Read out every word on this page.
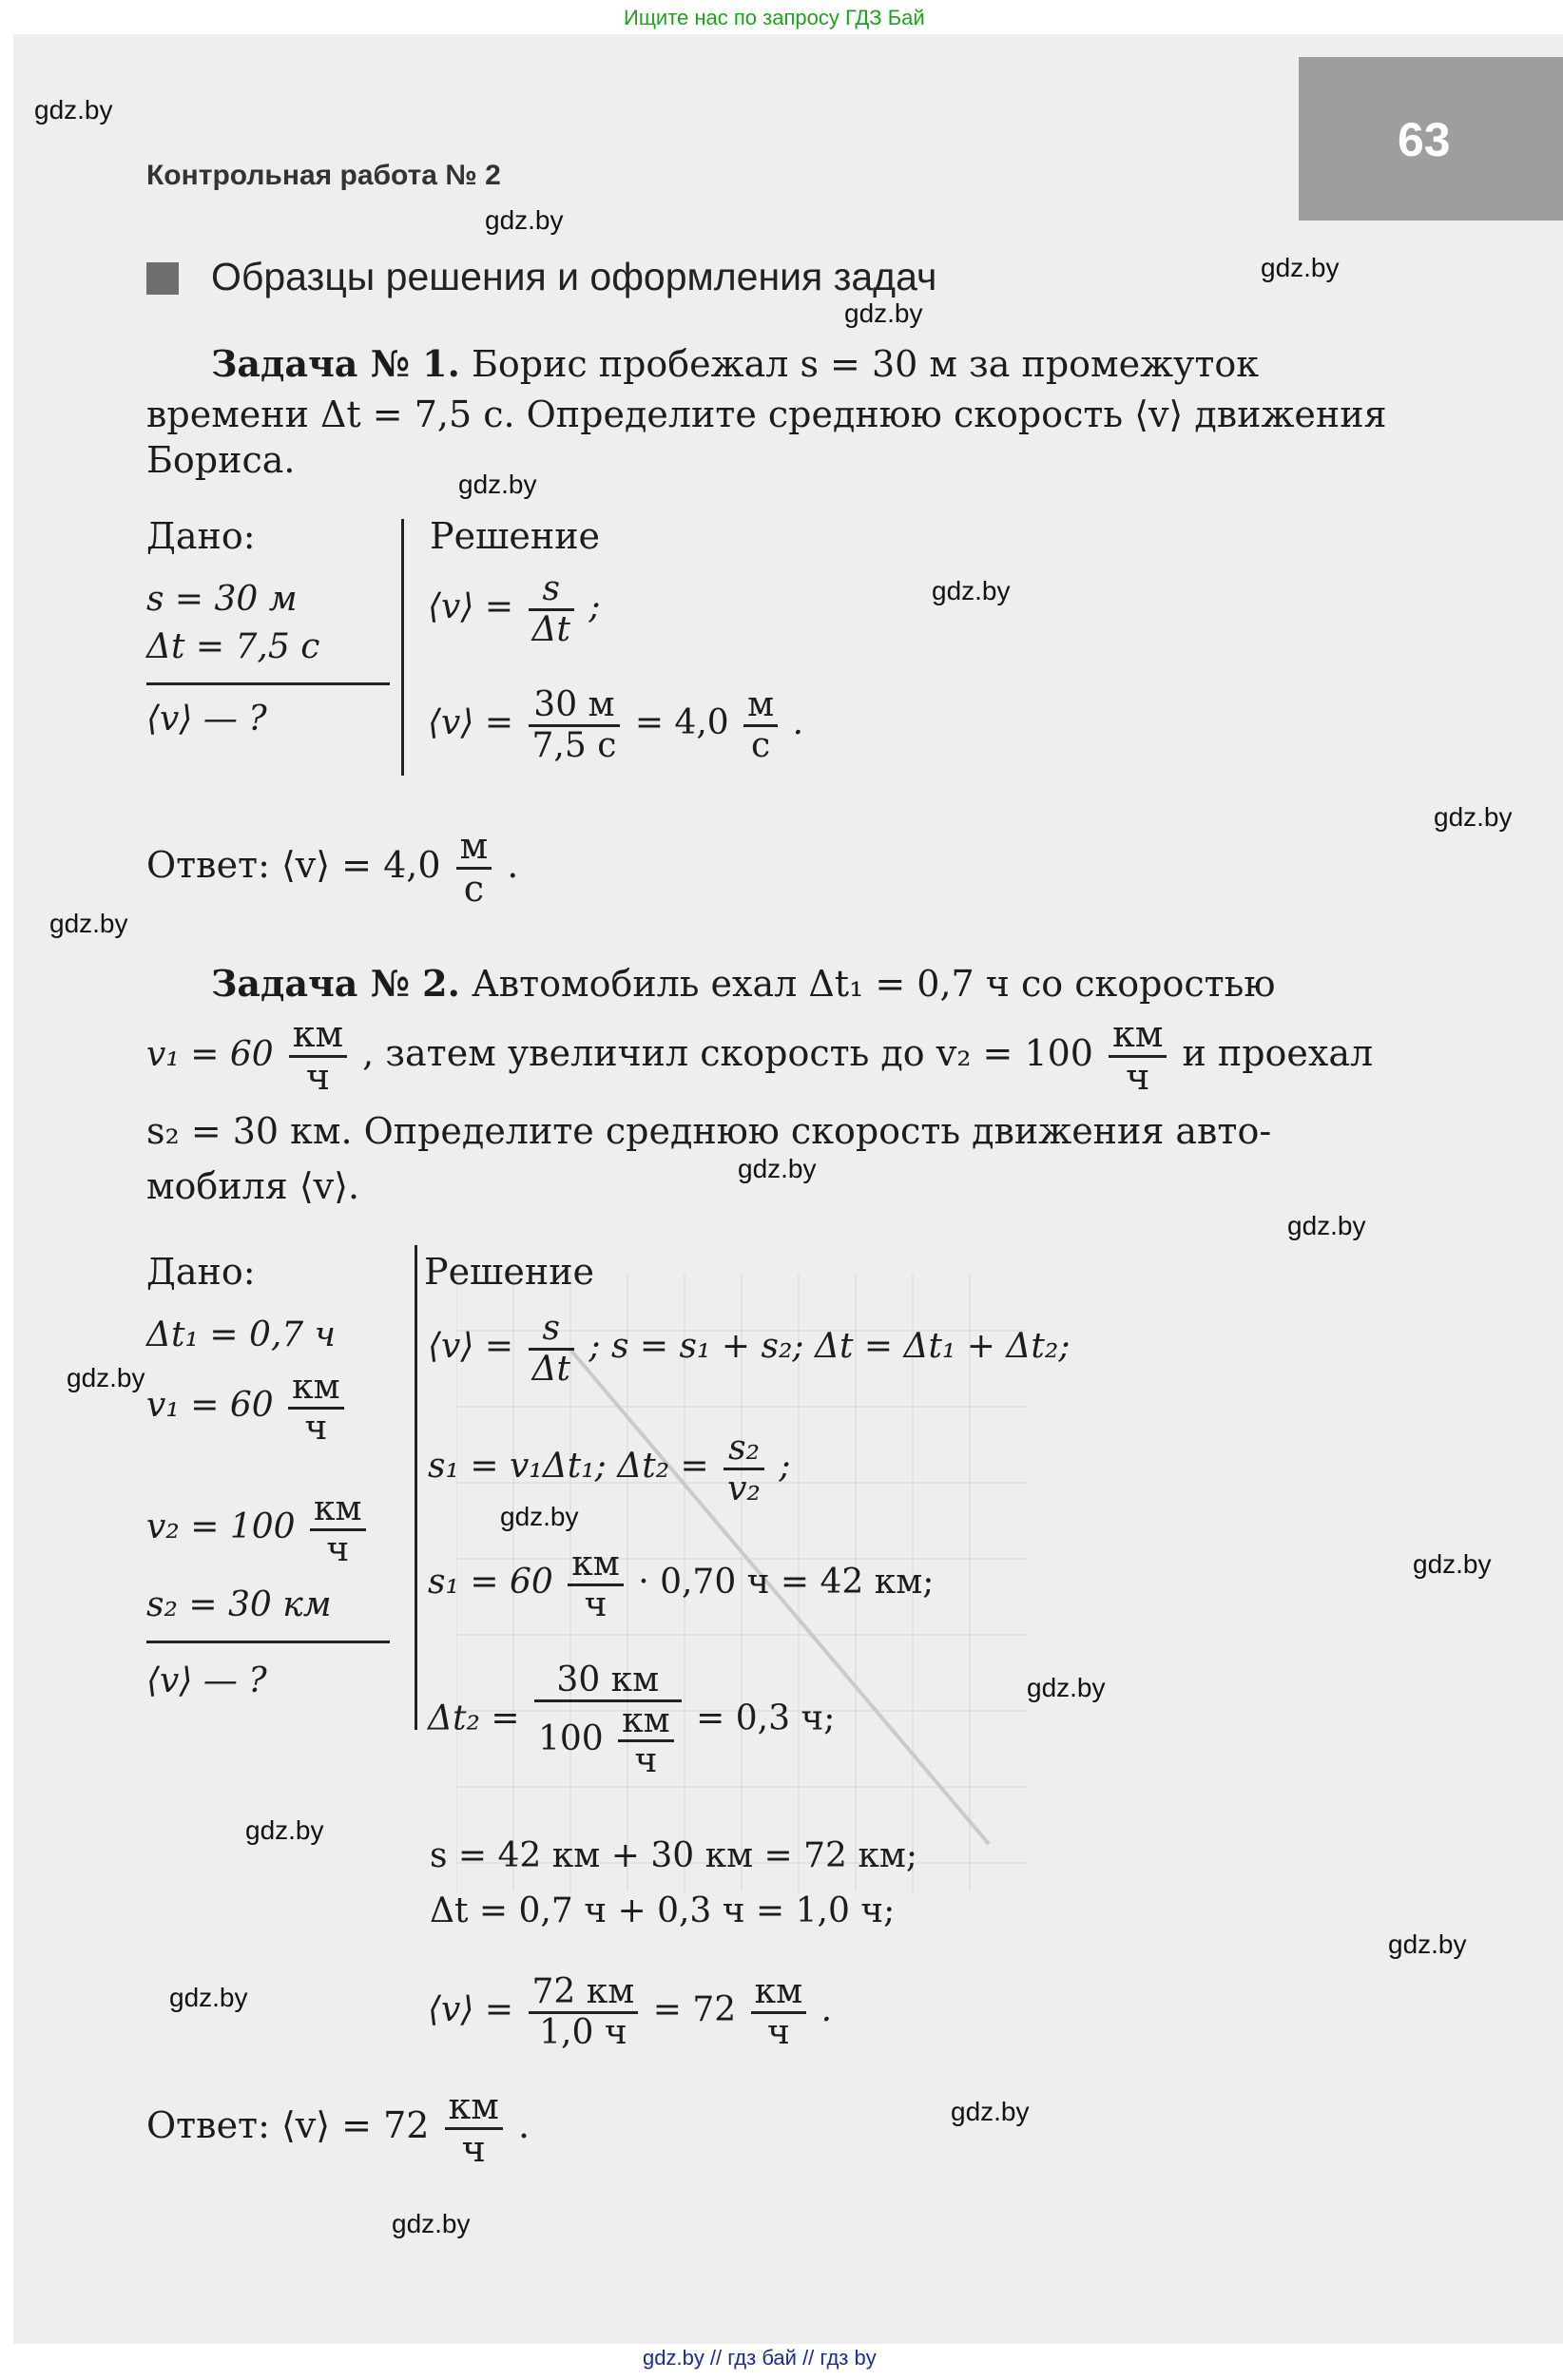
Ищите нас по запросу ГДЗ Бай
63
Контрольная работа № 2
Образцы решения и оформления задач
Задача № 1. Борис пробежал s = 30 м за промежуток
времени Δt = 7,5 с. Определите среднюю скорость ⟨v⟩ движения
Бориса.
Дано:
s = 30 м
Δt = 7,5 с
⟨v⟩ — ?
Решение
⟨v⟩ = $\frac{s}{\Delta t}$ ;
⟨v⟩ = $\frac{30 м}{7,5 с} = 4,0 \frac{м}{с}$ .
Ответ: ⟨v⟩ = $4,0 \frac{м}{с}$ .
Задача № 2. Автомобиль ехал Δt₁ = 0,7 ч со скоростью
$v_1 = 60 \frac{км}{ч}$ , затем увеличил скорость до $v_2 = 100 \frac{км}{ч}$ и проехал
s₂ = 30 км. Определите среднюю скорость движения авто-
мобиля ⟨v⟩.
Дано:
Δt₁ = 0,7 ч
$v_1 = 60 \frac{км}{ч}$
$v_2 = 100 \frac{км}{ч}$
s₂ = 30 км
⟨v⟩ — ?
Решение
⟨v⟩ = $\frac{s}{\Delta t}$ ; s = s₁ + s₂; Δt = Δt₁ + Δt₂;
s₁ = v₁Δt₁; $\Delta t_2 = \frac{\text{s₂}}{\text{v₂}}$ ;
$s_1 = 60 \frac{км}{ч} \cdot 0,70$ ч = 42 км;
$\Delta t_2 = \frac{30 км}{100 \frac{км}{ч}} = 0,3$ ч;
s = 42 км + 30 км = 72 км;
Δt = 0,7 ч + 0,3 ч = 1,0 ч;
⟨v⟩ = $\frac{72 км}{1,0 ч} = 72 \frac{км}{ч}$ .
Ответ: ⟨v⟩ = $72 \frac{км}{ч}$ .
gdz.by
gdz.by
gdz.by
gdz.by
gdz.by
gdz.by
gdz.by
gdz.by
gdz.by
gdz.by
gdz.by
gdz.by
gdz.by
gdz.by
gdz.by
gdz.by
gdz.by
gdz.by
gdz.by
gdz.by // гдз бай // гдз by
